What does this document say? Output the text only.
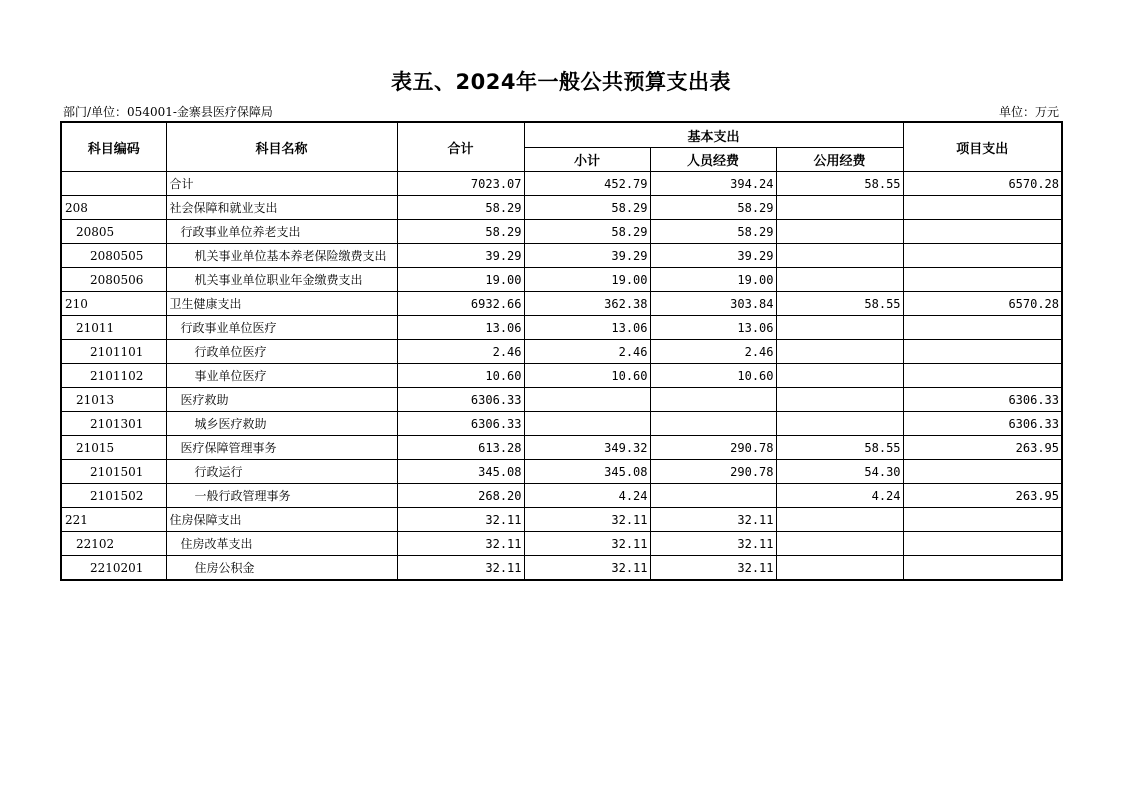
表五、2024年一般公共预算支出表
部门/单位：054001-金寨县医疗保障局	单位：万元
科目编码	科目名称	合计	基本支出			项目支出
			小计	人员经费	公用经费	
	合计	7023.07	452.79	394.24	58.55	6570.28
208	社会保障和就业支出	58.29	58.29	58.29		
20805	行政事业单位养老支出	58.29	58.29	58.29		
2080505	机关事业单位基本养老保险缴费支出	39.29	39.29	39.29		
2080506	机关事业单位职业年金缴费支出	19.00	19.00	19.00		
210	卫生健康支出	6932.66	362.38	303.84	58.55	6570.28
21011	行政事业单位医疗	13.06	13.06	13.06		
2101101	行政单位医疗	2.46	2.46	2.46		
2101102	事业单位医疗	10.60	10.60	10.60		
21013	医疗救助	6306.33				6306.33
2101301	城乡医疗救助	6306.33				6306.33
21015	医疗保障管理事务	613.28	349.32	290.78	58.55	263.95
2101501	行政运行	345.08	345.08	290.78	54.30	
2101502	一般行政管理事务	268.20	4.24		4.24	263.95
221	住房保障支出	32.11	32.11	32.11		
22102	住房改革支出	32.11	32.11	32.11		
2210201	住房公积金	32.11	32.11	32.11		
